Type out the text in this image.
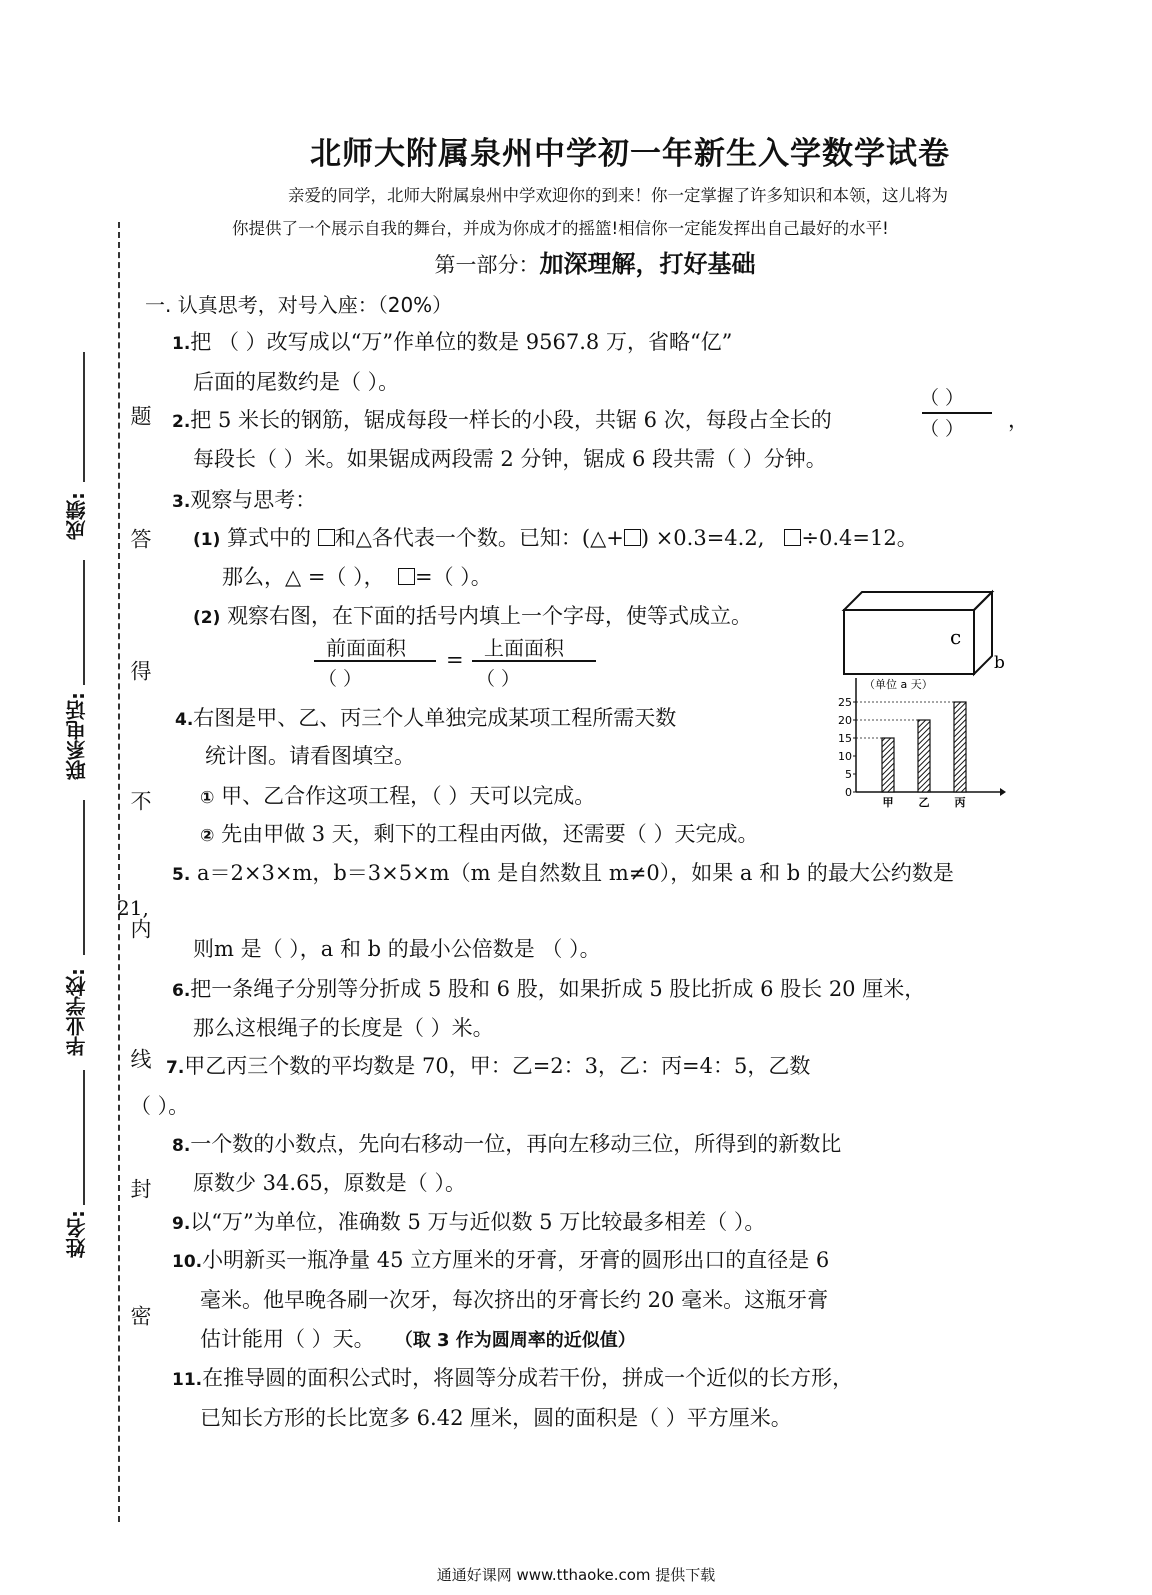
北师大附属泉州中学初一年新生入学数学试卷
亲爱的同学，北师大附属泉州中学欢迎你的到来！你一定掌握了许多知识和本领，这儿将为
你提供了一个展示自我的舞台，并成为你成才的摇篮!相信你一定能发挥出自己最好的水平!
第一部分：加深理解，打好基础
一. 认真思考，对号入座：（20%）
成绩:
联系电话:
毕业学校:
姓名:
题
答
得
不
内
线
封
密
21,
1.把 （ ）改写成以“万”作单位的数是 9567.8 万，省略“亿”
后面的尾数约是（ ）。
2.把 5 米长的钢筋，锯成每段一样长的小段，共锯 6 次，每段占全长的
（ ）
（ ） ，
每段长（ ）米。如果锯成两段需 2 分钟，锯成 6 段共需（ ）分钟。
3.观察与思考：
(1) 算式中的 和△各代表一个数。已知：(△+ ) ×0.3=4.2, ÷0.4=12。
那么，△ =（ ）， =（ ）。
(2) 观察右图，在下面的括号内填上一个字母，使等式成立。
前面面积
（ ）
= 上面面积
（ ）
c
b
4.右图是甲、乙、丙三个人单独完成某项工程所需天数
统计图。请看图填空。
① 甲、乙合作这项工程，（ ）天可以完成。
② 先由甲做 3 天，剩下的工程由丙做，还需要（ ）天完成。
（单位 a 天）
0
5
10
15
20
25
甲 乙 丙
5. a＝2×3×m，b＝3×5×m（m 是自然数且 m≠0），如果 a 和 b 的最大公约数是
则m 是（ ），a 和 b 的最小公倍数是 （ ）。
6.把一条绳子分别等分折成 5 股和 6 股，如果折成 5 股比折成 6 股长 20 厘米，
那么这根绳子的长度是（ ）米。
7.甲乙丙三个数的平均数是 70，甲：乙=2：3，乙：丙=4：5，乙数
（ ）。
8.一个数的小数点，先向右移动一位，再向左移动三位，所得到的新数比
原数少 34.65，原数是（ ）。
9.以“万”为单位，准确数 5 万与近似数 5 万比较最多相差（ ）。
10.小明新买一瓶净量 45 立方厘米的牙膏，牙膏的圆形出口的直径是 6
毫米。他早晚各刷一次牙，每次挤出的牙膏长约 20 毫米。这瓶牙膏
估计能用（ ）天。 （取 3 作为圆周率的近似值）
11.在推导圆的面积公式时，将圆等分成若干份，拼成一个近似的长方形，
已知长方形的长比宽多 6.42 厘米，圆的面积是（ ）平方厘米。
通通好课网 www.tthaoke.com 提供下载
